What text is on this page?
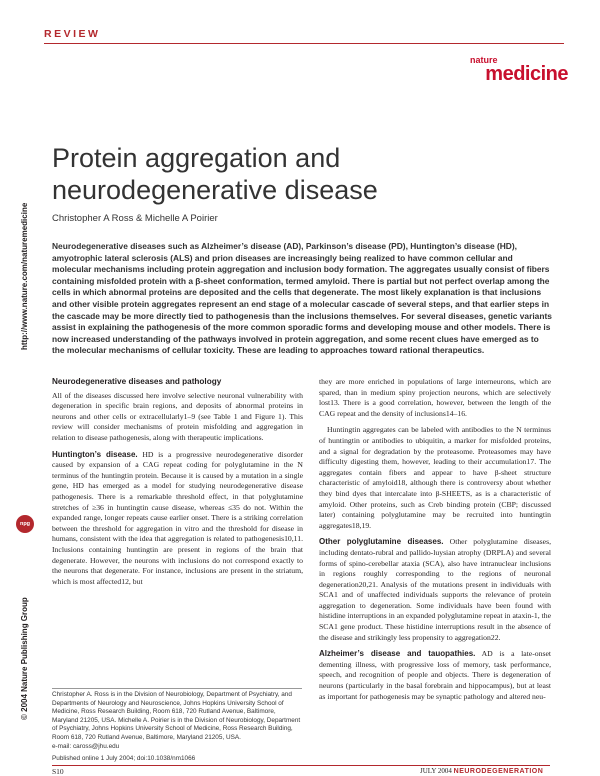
REVIEW
nature
medicine
http://www.nature.com/naturemedicine
© 2004 Nature Publishing Group
npg
Protein aggregation and neurodegenerative disease
Christopher A Ross & Michelle A Poirier

Neurodegenerative diseases such as Alzheimer’s disease (AD), Parkinson’s disease (PD), Huntington’s disease (HD), amyotrophic lateral sclerosis (ALS) and prion diseases are increasingly being realized to have common cellular and molecular mechanisms including protein aggregation and inclusion body formation. The aggregates usually consist of fibers containing misfolded protein with a β-sheet conformation, termed amyloid. There is partial but not perfect overlap among the cells in which abnormal proteins are deposited and the cells that degenerate. The most likely explanation is that inclusions and other visible protein aggregates represent an end stage of a molecular cascade of several steps, and that earlier steps in the cascade may be more directly tied to pathogenesis than the inclusions themselves. For several diseases, genetic variants assist in explaining the pathogenesis of the more common sporadic forms and developing mouse and other models. There is now increased understanding of the pathways involved in protein aggregation, and some recent clues have emerged as to the molecular mechanisms of cellular toxicity. These are leading to approaches toward rational therapeutics.

Neurodegenerative diseases and pathology

All of the diseases discussed here involve selective neuronal vulnerability with degeneration in specific brain regions, and deposits of abnormal proteins in neurons and other cells or extracellularly1–9 (see Table 1 and Figure 1). This review will consider mechanisms of protein misfolding and aggregation in relation to disease pathogenesis, along with therapeutic implications.

Huntington’s disease. HD is a progressive neurodegenerative disorder caused by expansion of a CAG repeat coding for polyglutamine in the N terminus of the huntingtin protein. Because it is caused by a mutation in a single gene, HD has emerged as a model for studying neurodegenerative disease pathogenesis. There is a remarkable threshold effect, in that polyglutamine stretches of ≥36 in huntingtin cause disease, whereas ≤35 do not. Within the expanded range, longer repeats cause earlier onset. There is a striking correlation between the threshold for aggregation in vitro and the threshold for disease in humans, consistent with the idea that aggregation is related to pathogenesis10,11. Inclusions containing huntingtin are present in regions of the brain that degenerate. However, the neurons with inclusions do not correspond exactly to the neurons that degenerate. For instance, inclusions are present in the striatum, which is most affected12, but

they are more enriched in populations of large interneurons, which are spared, than in medium spiny projection neurons, which are selectively lost13. There is a good correlation, however, between the length of the CAG repeat and the density of inclusions14–16.

Huntingtin aggregates can be labeled with antibodies to the N terminus of huntingtin or antibodies to ubiquitin, a marker for misfolded proteins, and a signal for degradation by the proteasome. Proteasomes may have difficulty digesting them, however, leading to their accumulation17. The aggregates contain fibers and appear to have β-sheet structure characteristic of amyloid18, although there is controversy about whether they bind dyes that intercalate into β-SHEETS, as is a characteristic of amyloid. Other proteins, such as Creb binding protein (CBP; discussed later) containing polyglutamine may be recruited into huntingtin aggregates18,19.

Other polyglutamine diseases. Other polyglutamine diseases, including dentato-rubral and pallido-luysian atrophy (DRPLA) and several forms of spino-cerebellar ataxia (SCA), also have intranuclear inclusions in regions roughly corresponding to the regions of neuronal degeneration20,21. Analysis of the mutations present in individuals with SCA1 and of unaffected individuals supports the relevance of protein aggregation to degeneration. Some individuals have been found with histidine interruptions in an expanded polyglutamine repeat in ataxin-1, the SCA1 gene product. These histidine interruptions result in the absence of the disease and strikingly less propensity to aggregation22.

Alzheimer’s disease and tauopathies. AD is a late-onset dementing illness, with progressive loss of memory, task performance, speech, and recognition of people and objects. There is degeneration of neurons (particularly in the basal forebrain and hippocampus), but at least as important for pathogenesis may be synaptic pathology and altered neu-

Christopher A. Ross is in the Division of Neurobiology, Department of Psychiatry, and Departments of Neurology and Neuroscience, Johns Hopkins University School of Medicine, Ross Research Building, Room 618, 720 Rutland Avenue, Baltimore, Maryland 21205, USA. Michelle A. Poirier is in the Division of Neurobiology, Department of Psychiatry, Johns Hopkins University School of Medicine, Ross Research Building, Room 618, 720 Rutland Avenue, Baltimore, Maryland 21205, USA.

e-mail: caross@jhu.edu

Published online 1 July 2004; doi:10.1038/nm1066

S10	JULY 2004 NEURODEGENERATION
